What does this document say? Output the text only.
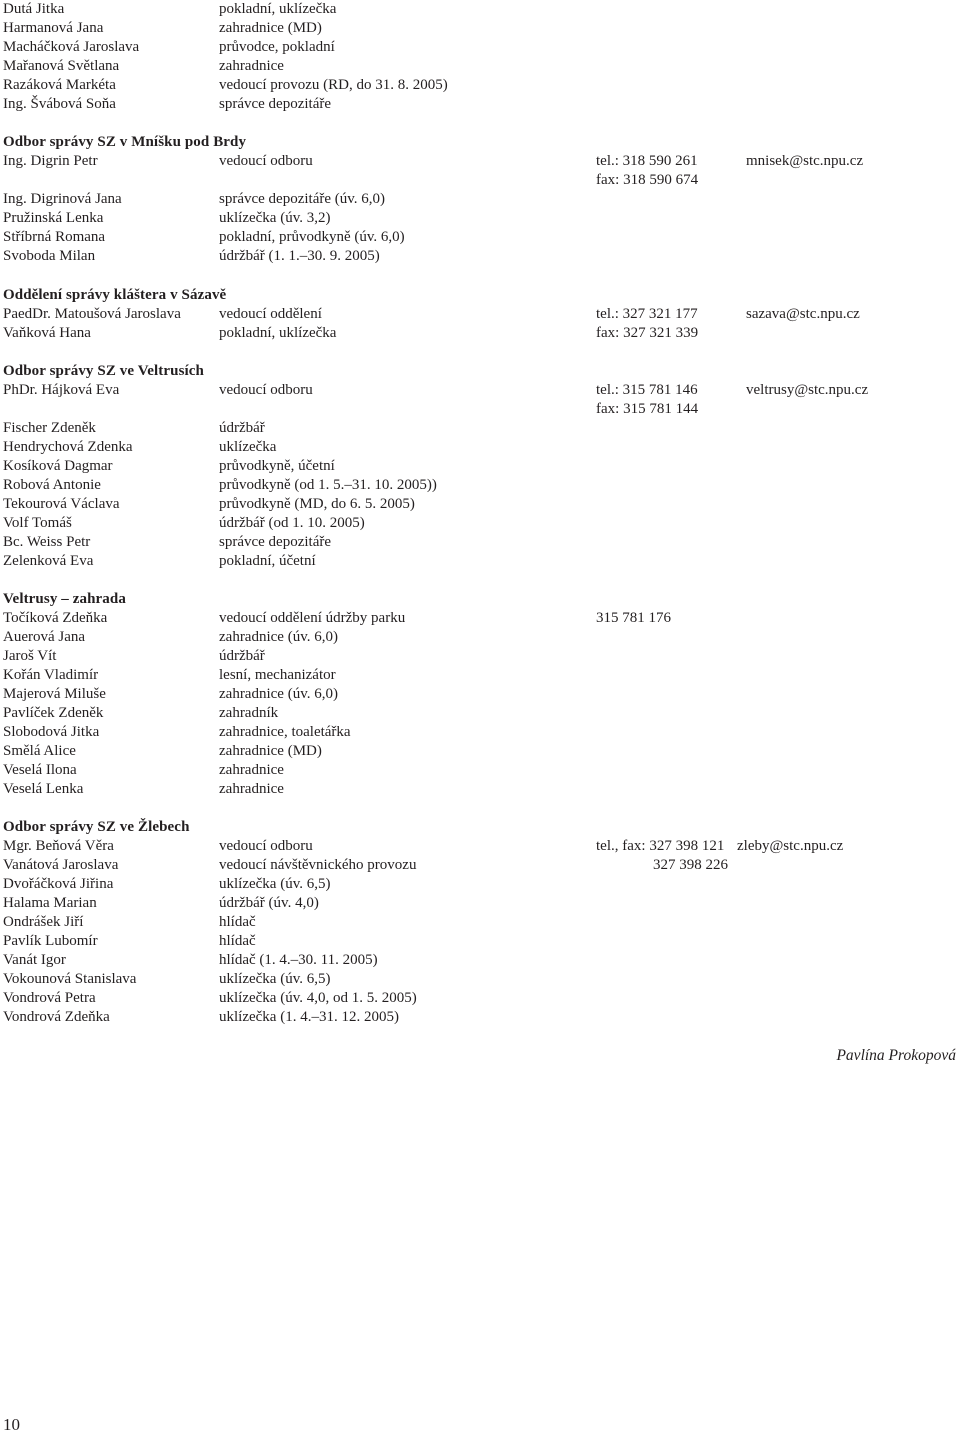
Dutá Jitka	pokladní, uklízečka
Harmanová Jana	zahradnice (MD)
Macháčková Jaroslava	průvodce, pokladní
Mařanová Světlana	zahradnice
Razáková Markéta	vedoucí provozu (RD, do 31. 8. 2005)
Ing. Švábová Soňa	správce depozitáře
Odbor správy SZ v Mníšku pod Brdy
Ing. Digrin Petr	vedoucí odboru	tel.: 318 590 261	mnisek@stc.npu.cz
fax: 318 590 674
Ing. Digrinová Jana	správce depozitáře (úv. 6,0)
Pružinská Lenka	uklízečka (úv. 3,2)
Stříbrná Romana	pokladní, průvodkyně (úv. 6,0)
Svoboda Milan	údržbář (1. 1.–30. 9. 2005)
Oddělení správy kláštera v Sázavě
PaedDr. Matoušová Jaroslava	vedoucí oddělení	tel.: 327 321 177	sazava@stc.npu.cz
Vaňková Hana	pokladní, uklízečka	fax: 327 321 339
Odbor správy SZ ve Veltrusích
PhDr. Hájková Eva	vedoucí odboru	tel.: 315 781 146	veltrusy@stc.npu.cz
fax: 315 781 144
Fischer Zdeněk	údržbář
Hendrychová Zdenka	uklízečka
Kosíková Dagmar	průvodkyně, účetní
Robová Antonie	průvodkyně (od 1. 5.–31. 10. 2005))
Tekourová Václava	průvodkyně (MD, do 6. 5. 2005)
Volf Tomáš	údržbář (od 1. 10. 2005)
Bc. Weiss Petr	správce depozitáře
Zelenková Eva	pokladní, účetní
Veltrusy – zahrada
Točíková Zdeňka	vedoucí oddělení údržby parku	315 781 176
Auerová Jana	zahradnice (úv. 6,0)
Jaroš Vít	údržbář
Kořán Vladimír	lesní, mechanizátor
Majerová Miluše	zahradnice (úv. 6,0)
Pavlíček Zdeněk	zahradník
Slobodová Jitka	zahradnice, toaletářka
Smělá Alice	zahradnice (MD)
Veselá Ilona	zahradnice
Veselá Lenka	zahradnice
Odbor správy SZ ve Žlebech
Mgr. Beňová Věra	vedoucí odboru	tel., fax: 327 398 121 zleby@stc.npu.cz
Vanátová Jaroslava	vedoucí návštěvnického provozu	327 398 226
Dvořáčková Jiřina	uklízečka (úv. 6,5)
Halama Marian	údržbář (úv. 4,0)
Ondrášek Jiří	hlídač
Pavlík Lubomír	hlídač
Vanát Igor	hlídač (1. 4.–30. 11. 2005)
Vokounová Stanislava	uklízečka (úv. 6,5)
Vondrová Petra	uklízečka (úv. 4,0, od 1. 5. 2005)
Vondrová Zdeňka	uklízečka (1. 4.–31. 12. 2005)
Pavlína Prokopová
10
